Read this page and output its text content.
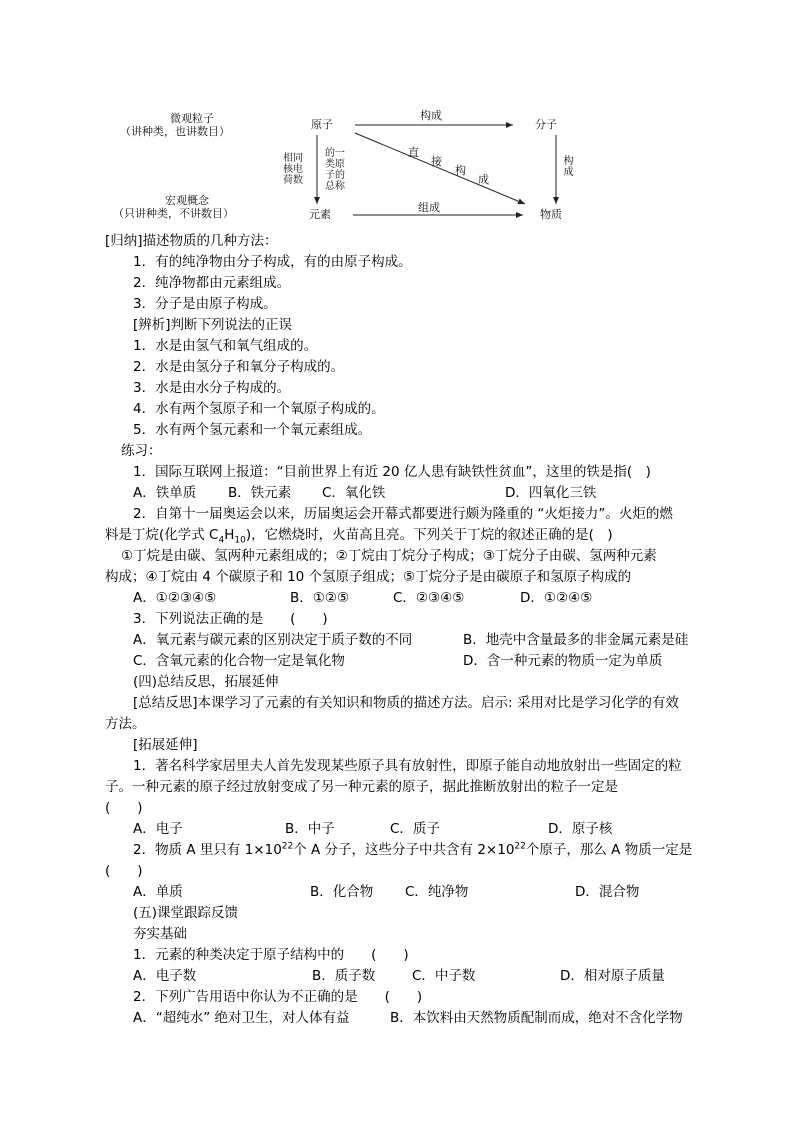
微观粒子
（讲种类，也讲数目）
宏观概念
（只讲种类，不讲数目）
原子	分子
元素	物质
构成
组成
直
接
构
成
构成
相同
核电
荷数
的一
类原
子的
总称
[归纳]描述物质的几种方法：
1．有的纯净物由分子构成，有的由原子构成。
2．纯净物都由元素组成。
3．分子是由原子构成。
[辨析]判断下列说法的正误
1．水是由氢气和氧气组成的。
2．水是由氢分子和氧分子构成的。
3．水是由水分子构成的。
4．水有两个氢原子和一个氧原子构成的。
5．水有两个氢元素和一个氧元素组成。
练习：
1．国际互联网上报道：“目前世界上有近 20 亿人患有缺铁性贫血”，这里的铁是指(　)
A．铁单质 B．铁元素 C．氧化铁	D．四氧化三铁
2．自第十一届奥运会以来，历届奥运会开幕式都要进行颇为隆重的 “火炬接力”。火炬的燃
料是丁烷(化学式 $C_4H_{10}$)，它燃烧时，火苗高且亮。下列关于丁烷的叙述正确的是(　)
①丁烷是由碳、氢两种元素组成的；②丁烷由丁烷分子构成；③丁烷分子由碳、氢两种元素
构成；④丁烷由 4 个碳原子和 10 个氢原子组成；⑤丁烷分子是由碳原子和氢原子构成的
A．①②③④⑤	B．①②⑤	C．②③④⑤	D．①②④⑤
3．下列说法正确的是　　(　　)
A．氧元素与碳元素的区别决定于质子数的不同	B．地壳中含量最多的非金属元素是硅
C．含氧元素的化合物一定是氧化物	D．含一种元素的物质一定为单质
(四)总结反思，拓展延伸
[总结反思]本课学习了元素的有关知识和物质的描述方法。启示: 采用对比是学习化学的有效
方法。
[拓展延伸]
1．著名科学家居里夫人首先发现某些原子具有放射性，即原子能自动地放射出一些固定的粒
子。一种元素的原子经过放射变成了另一种元素的原子，据此推断放射出的粒子一定是
(　　)
A．电子	B．中子	C．质子	D．原子核
2．物质 A 里只有 $1\times 10^{22}$个 A 分子，这些分子中共含有 $2\times 10^{22}$个原子，那么 A 物质一定是
(　　)
A．单质	B．化合物 C．纯净物	D．混合物
(五)课堂跟踪反馈
夯实基础
1．元素的种类决定于原子结构中的　　(　　)
A．电子数	B．质子数	C．中子数	D．相对原子质量
2．下列广告用语中你认为不正确的是　　(　　)
A．“超纯水” 绝对卫生，对人体有益	B．本饮料由天然物质配制而成，绝对不含化学物
